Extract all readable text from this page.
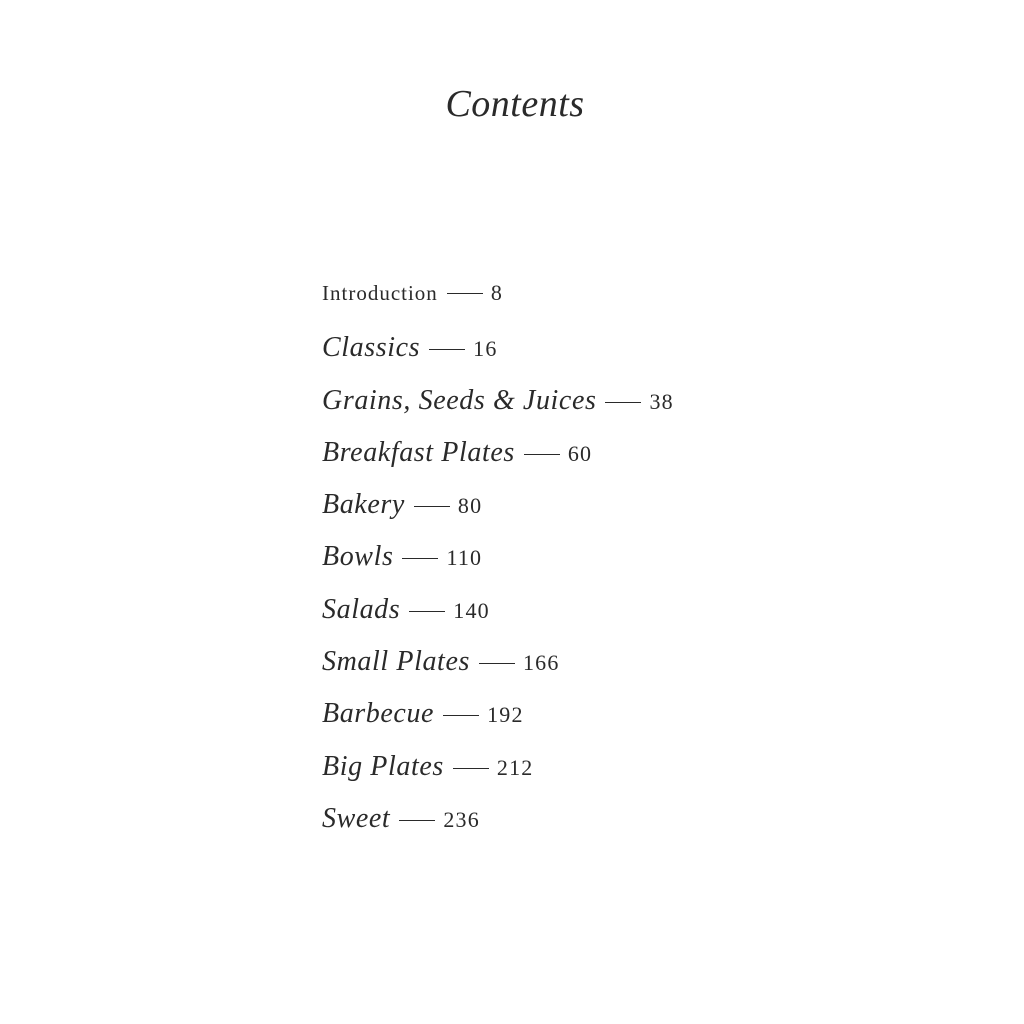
Contents
Introduction 8
Classics 16
Grains, Seeds & Juices 38
Breakfast Plates 60
Bakery 80
Bowls 110
Salads 140
Small Plates 166
Barbecue 192
Big Plates 212
Sweet 236
